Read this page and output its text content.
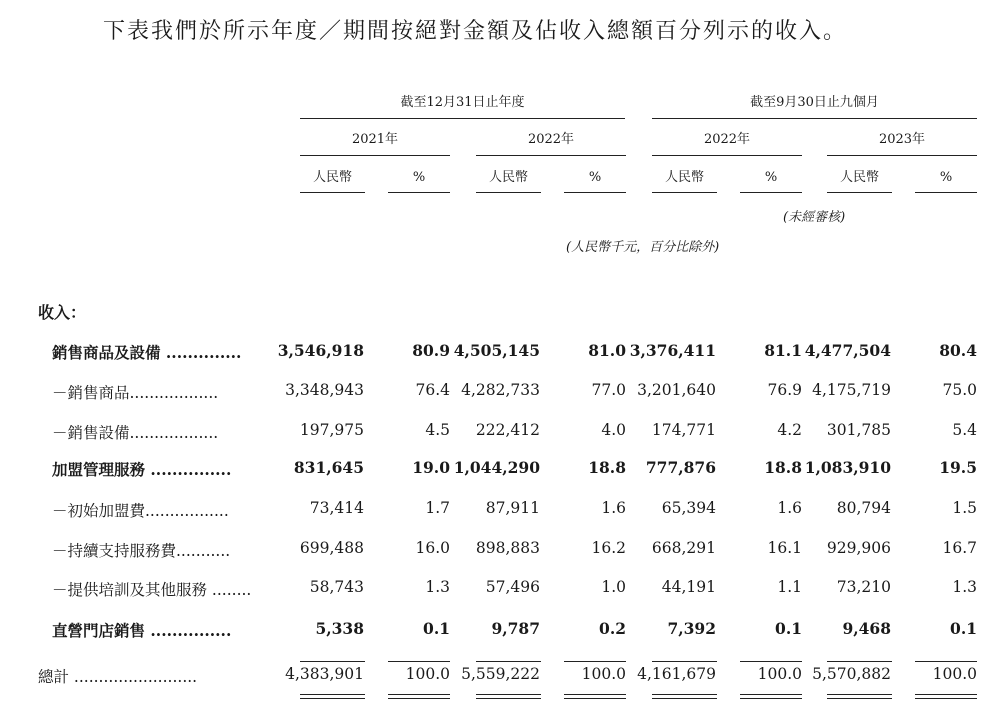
下表我們於所示年度／期間按絕對金額及佔收入總額百分列示的收入。
截至12月31日止年度	截至9月30日止九個月
2021年	2022年	2022年	2023年
人民幣	%	人民幣	%	人民幣	%	人民幣	%
(未經審核)
(人民幣千元，百分比除外)
收入：
銷售商品及設備 .............. 3,546,918	80.9 4,505,145	81.0 3,376,411	81.1 4,477,504	80.4
－銷售商品..................	3,348,943	76.4 4,282,733	77.0 3,201,640	76.9 4,175,719	75.0
－銷售設備..................	197,975	4.5 222,412	4.0 174,771	4.2 301,785	5.4
加盟管理服務 ...............	831,645	19.0 1,044,290	18.8 777,876	18.8 1,083,910	19.5
－初始加盟費.................	73,414	1.7 87,911	1.6 65,394	1.6 80,794	1.5
－持續支持服務費...........	699,488	16.0 898,883	16.2 668,291	16.1 929,906	16.7
－提供培訓及其他服務 ........	58,743	1.3 57,496	1.0 44,191	1.1 73,210	1.3
直營門店銷售 ...............	5,338	0.1	9,787	0.2	7,392	0.1	9,468	0.1
總計 .........................	4,383,901	100.0 5,559,222	100.0 4,161,679	100.0 5,570,882	100.0
